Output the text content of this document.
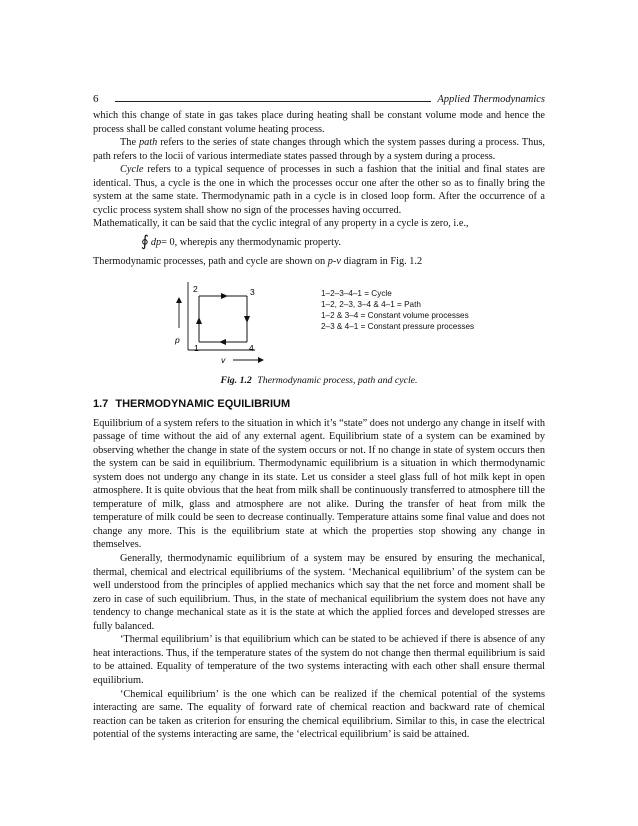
6	Applied Thermodynamics

which this change of state in gas takes place during heating shall be constant volume mode and hence the process shall be called constant volume heating process.

The path refers to the series of state changes through which the system passes during a process. Thus, path refers to the locii of various intermediate states passed through by a system during a process.

Cycle refers to a typical sequence of processes in such a fashion that the initial and final states are identical. Thus, a cycle is the one in which the processes occur one after the other so as to finally bring the system at the same state. Thermodynamic path in a cycle is in closed loop form. After the occurrence of a cyclic process system shall show no sign of the processes having occurred.

Mathematically, it can be said that the cyclic integral of any property in a cycle is zero, i.e.,

∮ dp = 0, where p is any thermodynamic property.

Thermodynamic processes, path and cycle are shown on p-v diagram in Fig. 1.2

p
v
2	3
1	4
1–2–3–4–1 = Cycle
1–2, 2–3, 3–4 & 4–1 = Path
1–2 & 3–4 = Constant volume processes
2–3 & 4–1 = Constant pressure processes
Fig. 1.2 Thermodynamic process, path and cycle.
1.7 THERMODYNAMIC EQUILIBRIUM

Equilibrium of a system refers to the situation in which it’s “state” does not undergo any change in itself with passage of time without the aid of any external agent. Equilibrium state of a system can be examined by observing whether the change in state of the system occurs or not. If no change in state of system occurs then the system can be said in equilibrium. Thermodynamic equilibrium is a situation in which thermodynamic system does not undergo any change in its state. Let us consider a steel glass full of hot milk kept in open atmosphere. It is quite obvious that the heat from milk shall be continuously transferred to atmosphere till the temperature of milk, glass and atmosphere are not alike. During the transfer of heat from milk the temperature of milk could be seen to decrease continually. Temperature attains some final value and does not change any more. This is the equilibrium state at which the properties stop showing any change in themselves.

Generally, thermodynamic equilibrium of a system may be ensured by ensuring the mechanical, thermal, chemical and electrical equilibriums of the system. ‘Mechanical equilibrium’ of the system can be well understood from the principles of applied mechanics which say that the net force and moment shall be zero in case of such equilibrium. Thus, in the state of mechanical equilibrium the system does not have any tendency to change mechanical state as it is the state at which the applied forces and developed stresses are fully balanced.

‘Thermal equilibrium’ is that equilibrium which can be stated to be achieved if there is absence of any heat interactions. Thus, if the temperature states of the system do not change then thermal equilibrium is said to be attained. Equality of temperature of the two systems interacting with each other shall ensure thermal equilibrium.

‘Chemical equilibrium’ is the one which can be realized if the chemical potential of the systems interacting are same. The equality of forward rate of chemical reaction and backward rate of chemical reaction can be taken as criterion for ensuring the chemical equilibrium. Similar to this, in case the electrical potential of the systems interacting are same, the ‘electrical equilibrium’ is said be attained.
